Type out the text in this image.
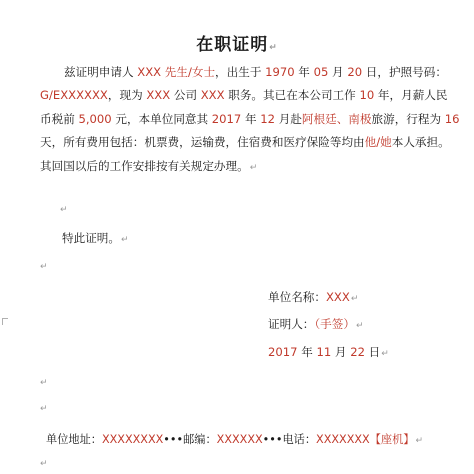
在职证明↵
兹证明申请人 XXX 先生/女士，出生于 1970 年 05 月 20 日，护照号码：
G/EXXXXXX，现为 XXX 公司 XXX 职务。其已在本公司工作 10 年，月薪人民
币税前 5,000 元，本单位同意其 2017 年 12 月赴阿根廷、南极旅游，行程为 16
天，所有费用包括：机票费，运输费，住宿费和医疗保险等均由他/她本人承担。
其回国以后的工作安排按有关规定办理。↵
↵
特此证明。↵
↵
单位名称：XXX↵
证明人：（手签）↵
2017 年 11 月 22 日↵
↵
↵
单位地址：XXXXXXXX•••邮编：XXXXXX•••电话：XXXXXXX【座机】↵
↵
